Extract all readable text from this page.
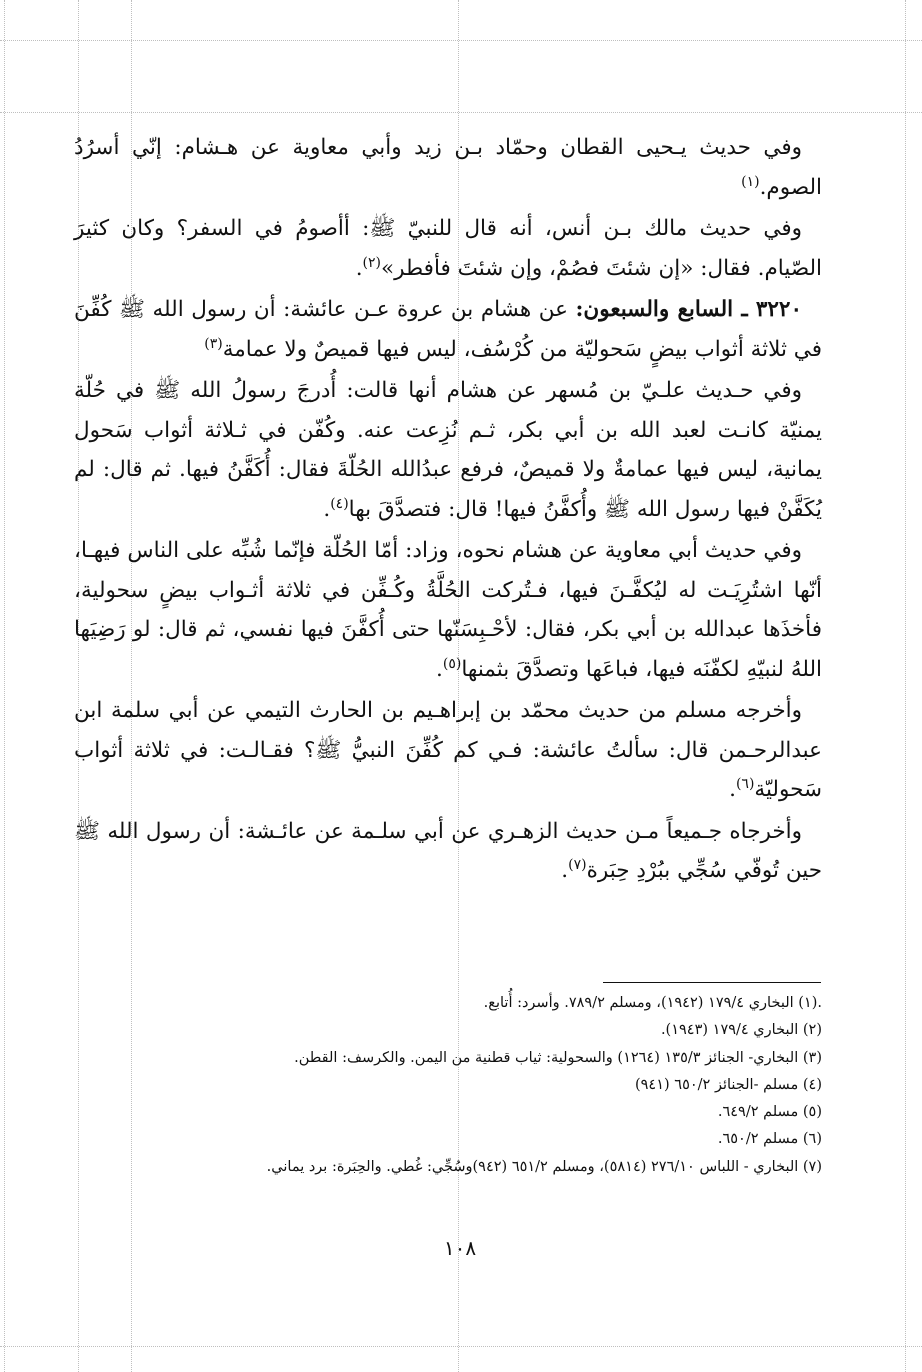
وفي حديث يـحيى القطان وحمّاد بـن زيد وأبي معاوية عن هـشام: إنّي أسرُدُ الصوم.$^{(١)}$

وفي حديث مالك بـن أنس، أنه قال للنبيّ ﷺ: أأصومُ في السفر؟ وكان كثيرَ الصّيام. فقال: «إن شئتَ فصُمْ، وإن شئتَ فأفطر»$^{(٢)}$.

٣٢٢٠ ـ السابع والسبعون: عن هشام بن عروة عـن عائشة: أن رسول الله ﷺ كُفِّنَ في ثلاثة أثواب بيضٍ سَحوليّة من كُرْسُف، ليس فيها قميصٌ ولا عمامة$^{(٣)}$

وفي حـديث علـيّ بن مُسهر عن هشام أنها قالت: أُدرجَ رسولُ الله ﷺ في حُلّة يمنيّة كانـت لعبد الله بن أبي بكر، ثـم نُزِعت عنه. وكُفّن في ثـلاثة أثواب سَحول يمانية، ليس فيها عمامةٌ ولا قميصٌ، فرفع عبدُالله الحُلّةَ فقال: أُكَفَّنُ فيها. ثم قال: لم يُكَفَّنْ فيها رسول الله ﷺ وأُكفَّنُ فيها! قال: فتصدَّقَ بها$^{(٤)}$.

وفي حديث أبي معاوية عن هشام نحوه، وزاد: أمّا الحُلّة فإنّما شُبِّه على الناس فيهـا، أنّها اشتُرِيَـت له ليُكفَّـنَ فيها، فـتُركت الحُلَّةُ وكُـفِّن في ثلاثة أثـواب بيضٍ سحولية، فأخذَها عبدالله بن أبي بكر، فقال: لأحْـبِسَنّها حتى أُكفَّنَ فيها نفسي، ثم قال: لو رَضِيَها اللهُ لنبيّهِ لكفّنَه فيها، فباعَها وتصدَّقَ بثمنها$^{(٥)}$.

وأخرجه مسلم من حديث محمّد بن إبراهـيم بن الحارث التيمي عن أبي سلمة ابن عبدالرحـمن قال: سألتُ عائشة: فـي كم كُفِّنَ النبيُّ ﷺ؟ فقـالـت: في ثلاثة أثواب سَحوليّة$^{(٦)}$.

وأخرجاه جـميعاً مـن حديث الزهـري عن أبي سلـمة عن عائـشة: أن رسول الله ﷺ حين تُوفّي سُجِّي ببُرْدِ حِبَرة$^{(٧)}$.

.(١) البخاري ١٧٩/٤ (١٩٤٢)، ومسلم ٧٨٩/٢. وأسرد: أُتابع.
(٢) البخاري ١٧٩/٤ (١٩٤٣).
(٣) البخاري- الجنائز ١٣٥/٣ (١٢٦٤) والسحولية: ثياب قطنية من اليمن. والكرسف: القطن.
(٤) مسلم -الجنائز ٦٥٠/٢ (٩٤١)
(٥) مسلم ٦٤٩/٢.
(٦) مسلم ٦٥٠/٢.
(٧) البخاري - اللباس ٢٧٦/١٠ (٥٨١٤)، ومسلم ٦٥١/٢ (٩٤٢)وسُجِّي: غُطي. والحِبَرة: برد يماني.
١٠٨
